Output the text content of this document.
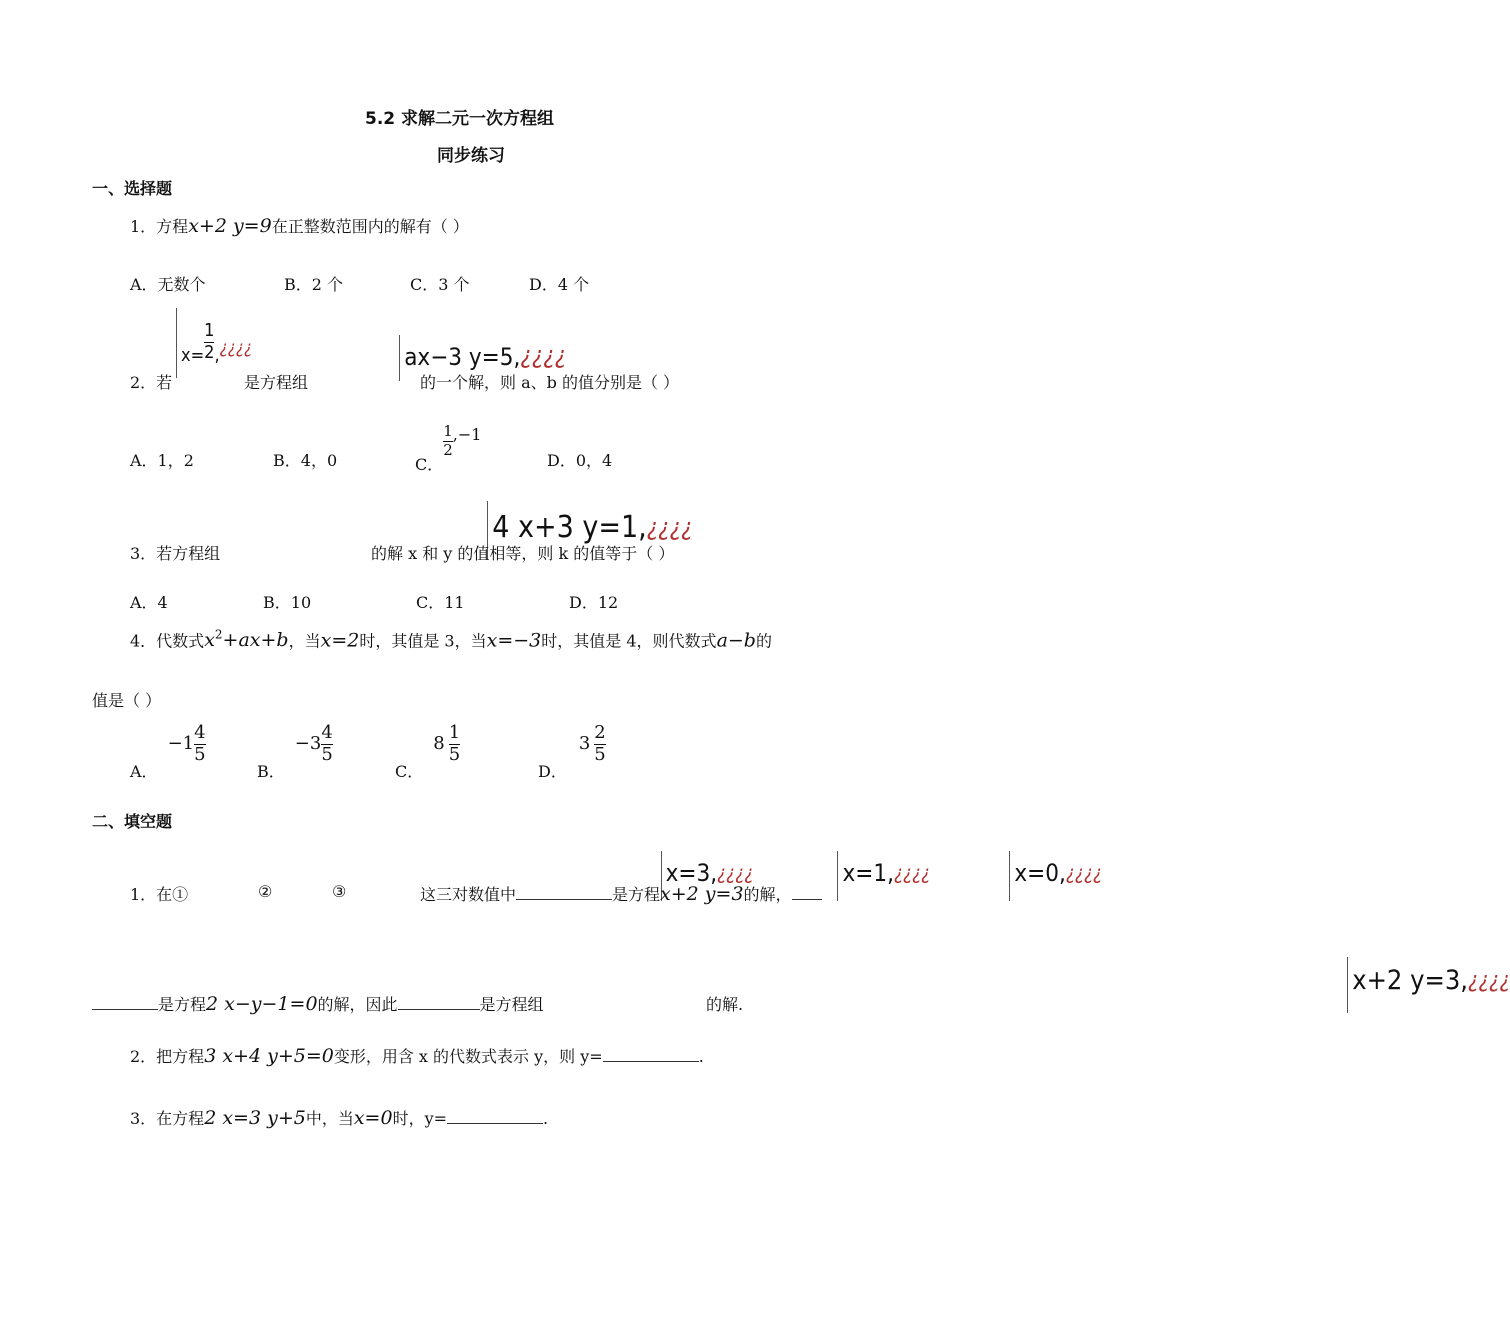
5.2 求解二元一次方程组
同步练习
一、选择题
1．方程x+2 y=9在正整数范围内的解有（ ）
A．无数个	B．2 个	C．3 个	D．4 个
2．若
$x= \frac{1}{2}$ ,¿¿¿¿
是方程组
ax−3 y=5,¿¿¿¿
的一个解，则 a、b 的值分别是（ ）
A．1，2	B．4，0	C．
$\frac{1}{2} ,-1$
D．0，4
3．若方程组
4 x+3 $y=1,_{¿¿¿¿}$
的解 x 和 y 的值相等，则 k 的值等于（ ）
A．4	B．10	C．11	D．12
4．代数式$x^2+ax+b$，当x=2时，其值是 3，当x=−3时，其值是 4，则代数式a−b的
值是（ ）
A．$-1 \frac{4}{5}$
B．$-3 \frac{4}{5}$
C．$8 \frac{1}{5}$
D．$3 \frac{2}{5}$
二、填空题
1．在①
$x=3,_{¿¿¿¿}$
②
$x=1,_{¿¿¿¿}$
③
$x=0,_{¿¿¿¿}$
这三对数值中	是方程x+2 y=3的解，
是方程2 x−y−1=0的解，因此	是方程组
x+2 $y=3,_{¿¿¿¿}$
的解.
2．把方程3 x+4 y+5=0变形，用含 x 的代数式表示 y，则 y=	.
3．在方程2 x=3 y+5中，当x=0时，y=	.
